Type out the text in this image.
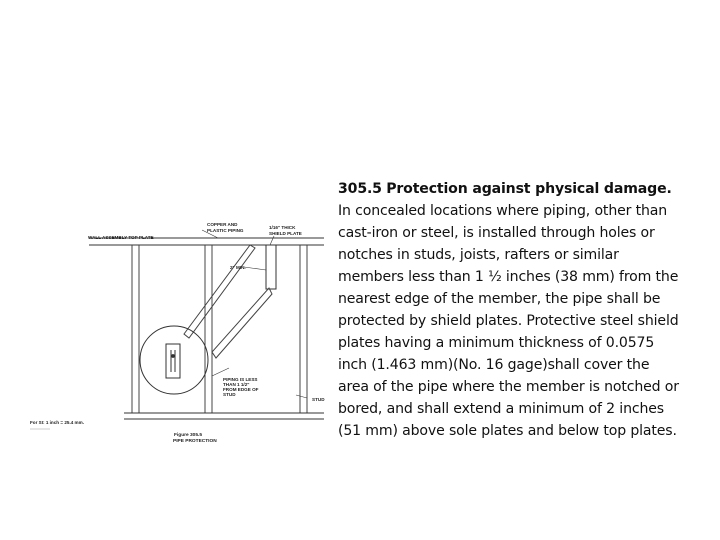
WALL ASSEMBLY TOP PLATE
COPPER AND
PLASTIC PIPING
1/16" THICK
SHIELD PLATE
2" MIN.
PIPING IS LESS
THAN 1 1/2"
FROM EDGE OF
STUD
STUD
For SI: 1 inch = 25.4 mm.
Figure 305.5
PIPE PROTECTION
305.5 Protection against physical damage. In concealed locations where piping, other than cast-iron or steel, is installed through holes or notches in studs, joists, rafters or similar members less than 1 ½ inches (38 mm) from the nearest edge of the member, the pipe shall be protected by shield plates. Protective steel shield plates having a minimum thickness of 0.0575 inch (1.463 mm)(No. 16 gage)shall cover the area of the pipe where the member is notched or bored, and shall extend a minimum of 2 inches (51 mm) above sole plates and below top plates.
